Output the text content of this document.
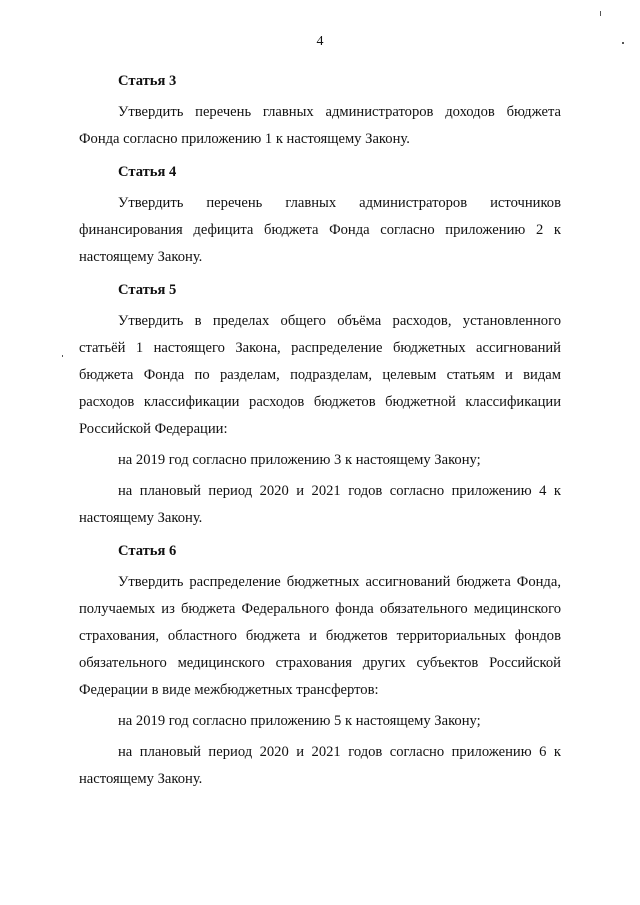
4
Статья 3
Утвердить перечень главных администраторов доходов бюджета Фонда согласно приложению 1 к настоящему Закону.
Статья 4
Утвердить перечень главных администраторов источников финансирования дефицита бюджета Фонда согласно приложению 2 к настоящему Закону.
Статья 5
Утвердить в пределах общего объёма расходов, установленного статьёй 1 настоящего Закона, распределение бюджетных ассигнований бюджета Фонда по разделам, подразделам, целевым статьям и видам расходов классификации расходов бюджетов бюджетной классификации Российской Федерации:
на 2019 год согласно приложению 3 к настоящему Закону;
на плановый период 2020 и 2021 годов согласно приложению 4 к настоящему Закону.
Статья 6
Утвердить распределение бюджетных ассигнований бюджета Фонда, получаемых из бюджета Федерального фонда обязательного медицинского страхования, областного бюджета и бюджетов территориальных фондов обязательного медицинского страхования других субъектов Российской Федерации в виде межбюджетных трансфертов:
на 2019 год согласно приложению 5 к настоящему Закону;
на плановый период 2020 и 2021 годов согласно приложению 6 к настоящему Закону.
